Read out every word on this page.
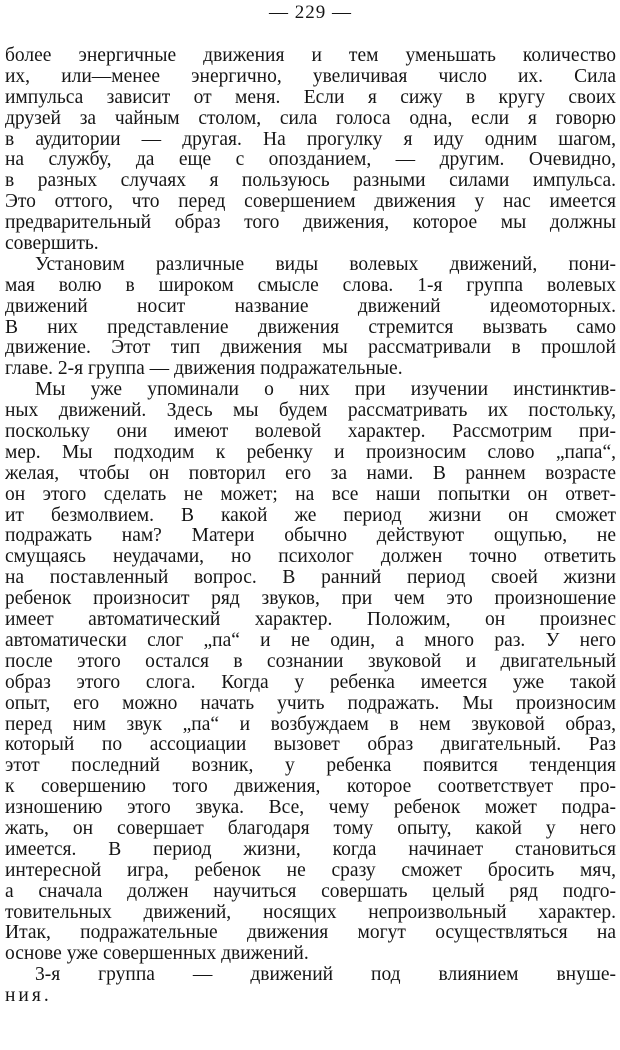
— 229 —
более энергичные движения и тем уменьшать количество
их, или—менее энергично, увеличивая число их. Сила
импульса зависит от меня. Если я сижу в кругу своих
друзей за чайным столом, сила голоса одна, если я говорю
в аудитории — другая. На прогулку я иду одним шагом,
на службу, да еще с опозданием, — другим. Очевидно,
в разных случаях я пользуюсь разными силами импульса.
Это оттого, что перед совершением движения у нас имеется
предварительный образ того движения, которое мы должны
совершить.
Установим различные виды волевых движений, пони-
мая волю в широком смысле слова. 1-я группа волевых
движений носит название движений идеомоторных.
В них представление движения стремится вызвать само
движение. Этот тип движения мы рассматривали в прошлой
главе. 2-я группа — движения подражательные.
Мы уже упоминали о них при изучении инстинктив-
ных движений. Здесь мы будем рассматривать их постольку,
поскольку они имеют волевой характер. Рассмотрим при-
мер. Мы подходим к ребенку и произносим слово „папа“,
желая, чтобы он повторил его за нами. В раннем возрасте
он этого сделать не может; на все наши попытки он ответ-
ит безмолвием. В какой же период жизни он сможет
подражать нам? Матери обычно действуют ощупью, не
смущаясь неудачами, но психолог должен точно ответить
на поставленный вопрос. В ранний период своей жизни
ребенок произносит ряд звуков, при чем это произношение
имеет автоматический характер. Положим, он произнес
автоматически слог „па“ и не один, а много раз. У него
после этого остался в сознании звуковой и двигательный
образ этого слога. Когда у ребенка имеется уже такой
опыт, его можно начать учить подражать. Мы произносим
перед ним звук „па“ и возбуждаем в нем звуковой образ,
который по ассоциации вызовет образ двигательный. Раз
этот последний возник, у ребенка появится тенденция
к совершению того движения, которое соответствует про-
изношению этого звука. Все, чему ребенок может подра-
жать, он совершает благодаря тому опыту, какой у него
имеется. В период жизни, когда начинает становиться
интересной игра, ребенок не сразу сможет бросить мяч,
а сначала должен научиться совершать целый ряд подго-
товительных движений, носящих непроизвольный характер.
Итак, подражательные движения могут осуществляться на
основе уже совершенных движений.
3-я группа — движений под влиянием внуше-
ния.
